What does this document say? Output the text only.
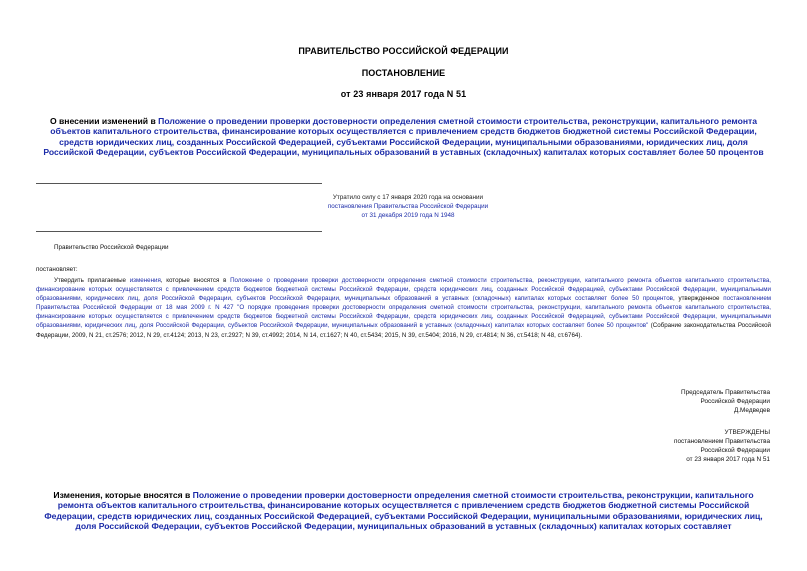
ПРАВИТЕЛЬСТВО РОССИЙСКОЙ ФЕДЕРАЦИИ
ПОСТАНОВЛЕНИЕ
от 23 января 2017 года N 51
О внесении изменений в Положение о проведении проверки достоверности определения сметной стоимости строительства, реконструкции, капитального ремонта объектов капитального строительства, финансирование которых осуществляется с привлечением средств бюджетов бюджетной системы Российской Федерации, средств юридических лиц, созданных Российской Федерацией, субъектами Российской Федерации, муниципальными образованиями, юридических лиц, доля Российской Федерации, субъектов Российской Федерации, муниципальных образований в уставных (складочных) капиталах которых составляет более 50 процентов
Утратило силу с 17 января 2020 года на основании
постановления Правительства Российской Федерации
от 31 декабря 2019 года N 1948
Правительство Российской Федерации
постановляет:
Утвердить прилагаемые изменения, которые вносятся в Положение о проведении проверки достоверности определения сметной стоимости строительства, реконструкции, капитального ремонта объектов капитального строительства, финансирование которых осуществляется с привлечением средств бюджетов бюджетной системы Российской Федерации, средств юридических лиц, созданных Российской Федерацией, субъектами Российской Федерации, муниципальными образованиями, юридических лиц, доля Российской Федерации, субъектов Российской Федерации, муниципальных образований в уставных (складочных) капиталах которых составляет более 50 процентов, утвержденное постановлением Правительства Российской Федерации от 18 мая 2009 г. N 427 "О порядке проведения проверки достоверности определения сметной стоимости строительства, реконструкции, капитального ремонта объектов капитального строительства, финансирование которых осуществляется с привлечением средств бюджетов бюджетной системы Российской Федерации, средств юридических лиц, созданных Российской Федерацией, субъектами Российской Федерации, муниципальными образованиями, юридических лиц, доля Российской Федерации, субъектов Российской Федерации, муниципальных образований в уставных (складочных) капиталах которых составляет более 50 процентов" (Собрание законодательства Российской Федерации, 2009, N 21, ст.2576; 2012, N 29, ст.4124; 2013, N 23, ст.2927; N 39, ст.4992; 2014, N 14, ст.1627; N 40, ст.5434; 2015, N 39, ст.5404; 2016, N 29, ст.4814; N 36, ст.5418; N 48, ст.6764).
Председатель Правительства
Российской Федерации
Д.Медведев
УТВЕРЖДЕНЫ
постановлением Правительства
Российской Федерации
от 23 января 2017 года N 51
Изменения, которые вносятся в Положение о проведении проверки достоверности определения сметной стоимости строительства, реконструкции, капитального ремонта объектов капитального строительства, финансирование которых осуществляется с привлечением средств бюджетов бюджетной системы Российской Федерации, средств юридических лиц, созданных Российской Федерацией, субъектами Российской Федерации, муниципальными образованиями, юридических лиц, доля Российской Федерации, субъектов Российской Федерации, муниципальных образований в уставных (складочных) капиталах которых составляет
